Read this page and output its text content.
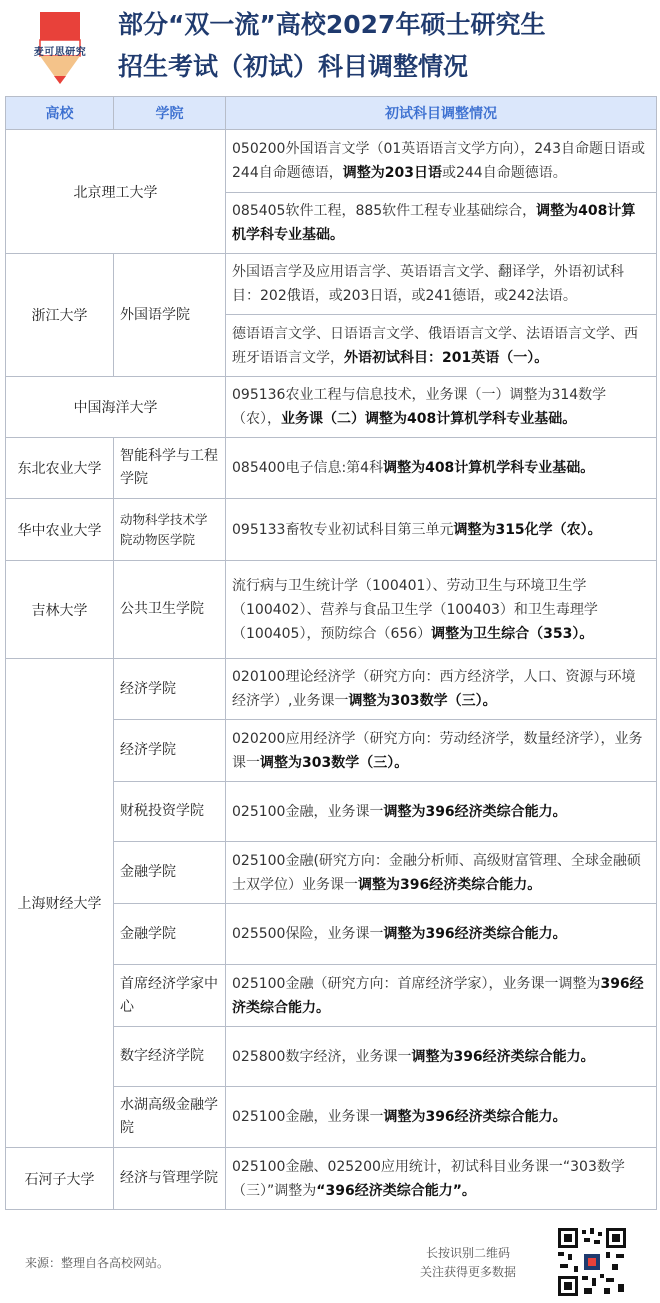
麦可思研究
部分“双一流”高校2027年硕士研究生
招生考试（初试）科目调整情况
高校	学院	初试科目调整情况
北京理工大学		050200外国语言文学（01英语语言文学方向），243自命题日语或244自命题德语，调整为203日语或244自命题德语。
		085405软件工程，885软件工程专业基础综合，调整为408计算机学科专业基础。
浙江大学	外国语学院	外国语言学及应用语言学、英语语言文学、翻译学，外语初试科目：202俄语，或203日语，或241德语，或242法语。
		德语语言文学、日语语言文学、俄语语言文学、法语语言文学、西班牙语语言文学，外语初试科目：201英语（一）。
中国海洋大学		095136农业工程与信息技术，业务课（一）调整为314数学（农），业务课（二）调整为408计算机学科专业基础。
东北农业大学	智能科学与工程学院	085400电子信息:第4科调整为408计算机学科专业基础。
华中农业大学	动物科学技术学院动物医学院	095133畜牧专业初试科目第三单元调整为315化学（农）。
吉林大学	公共卫生学院	流行病与卫生统计学（100401）、劳动卫生与环境卫生学（100402）、营养与食品卫生学（100403）和卫生毒理学（100405），预防综合（656）调整为卫生综合（353）。
上海财经大学	经济学院	020100理论经济学（研究方向：西方经济学，人口、资源与环境经济学）,业务课一调整为303数学（三）。
	经济学院	020200应用经济学（研究方向：劳动经济学，数量经济学），业务课一调整为303数学（三）。
	财税投资学院	025100金融，业务课一调整为396经济类综合能力。
	金融学院	025100金融(研究方向：金融分析师、高级财富管理、全球金融硕士双学位）业务课一调整为396经济类综合能力。
	金融学院	025500保险，业务课一调整为396经济类综合能力。
	首席经济学家中心	025100金融（研究方向：首席经济学家），业务课一调整为396经济类综合能力。
	数字经济学院	025800数字经济，业务课一调整为396经济类综合能力。
	水湖高级金融学院	025100金融，业务课一调整为396经济类综合能力。
石河子大学	经济与管理学院	025100金融、025200应用统计，初试科目业务课一“303数学（三）”调整为“396经济类综合能力”。
来源：整理自各高校网站。
长按识别二维码
关注获得更多数据
